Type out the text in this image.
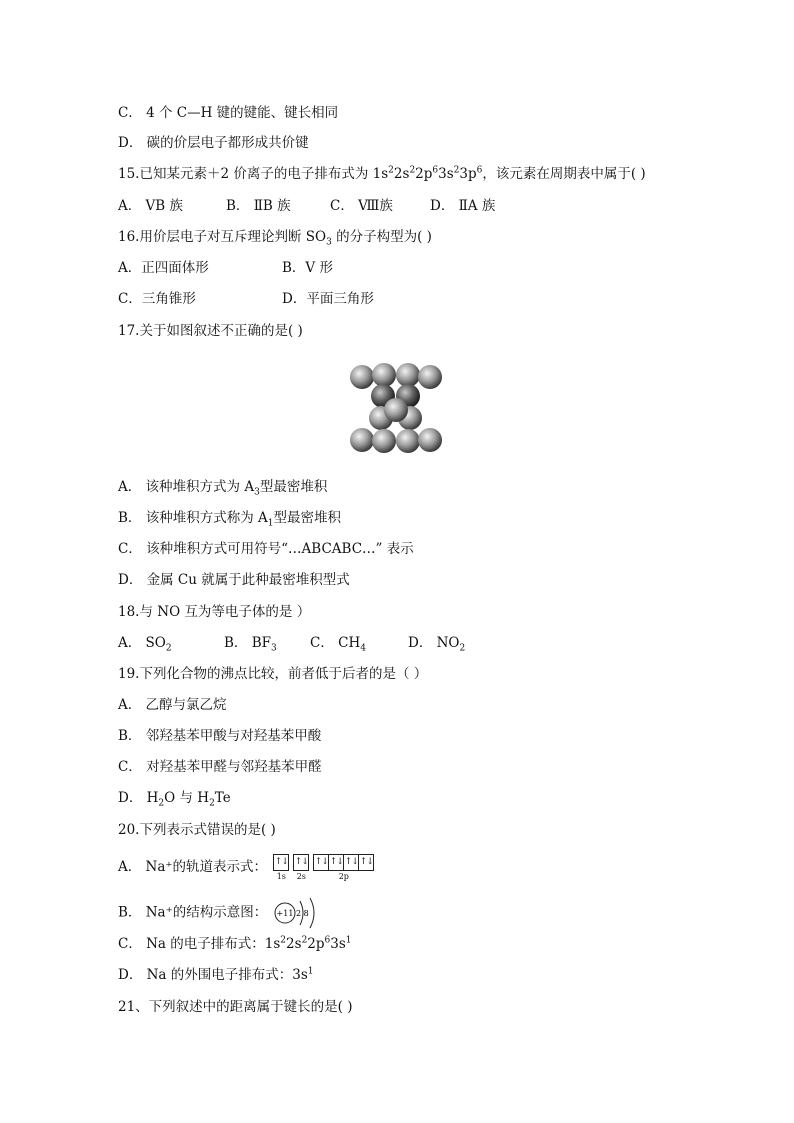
C． 4 个 C—H 键的键能、键长相同
D． 碳的价层电子都形成共价键
15.已知某元素＋2 价离子的电子排布式为 $1s^22s^22p^63s^23p^6$，该元素在周期表中属于( )
A． ⅤB 族	B． ⅡB 族	C． Ⅷ族	D． ⅡA 族
16.用价层电子对互斥理论判断 $SO_3$ 的分子构型为( )
A．正四面体形	B．V 形
C．三角锥形	D．平面三角形
17.关于如图叙述不正确的是( )
A． 该种堆积方式为 $A_3$型最密堆积
B． 该种堆积方式称为 $A_1$型最密堆积
C． 该种堆积方式可用符号“…ABCABC…” 表示
D． 金属 Cu 就属于此种最密堆积型式
18.与 NO 互为等电子体的是 ）
A． $SO_2$	B． $BF_3$	C． $CH_4$	D． $NO_2$
19.下列化合物的沸点比较，前者低于后者的是（ ）
A． 乙醇与氯乙烷
B． 邻羟基苯甲酸与对羟基苯甲酸
C． 对羟基苯甲醛与邻羟基苯甲醛
D． $H_2O$ 与 $H_2Te$
20.下列表示式错误的是( )
A． Na⁺的轨道表示式： ↑↓
1s
↑↓
2s
↑↓ ↑↓ ↑↓ ↑↓
2p
B． Na⁺的结构示意图： +11 2 8
C． Na 的电子排布式：$1s^22s^22p^63s^1$
D． Na 的外围电子排布式：$3s^1$
21、下列叙述中的距离属于键长的是( )
